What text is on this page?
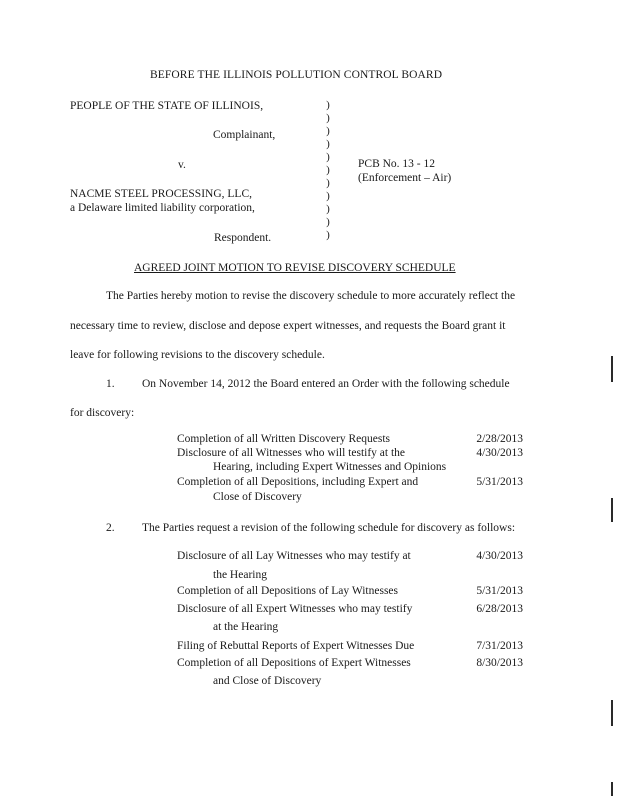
BEFORE THE ILLINOIS POLLUTION CONTROL BOARD
PEOPLE OF THE STATE OF ILLINOIS,
Complainant,
v.
NACME STEEL PROCESSING, LLC,
a Delaware limited liability corporation,
Respondent.
)
)
)
)
)
)
)
)
)
)
)
PCB No. 13 - 12
(Enforcement – Air)
AGREED JOINT MOTION TO REVISE DISCOVERY SCHEDULE
The Parties hereby motion to revise the discovery schedule to more accurately reflect the
necessary time to review, disclose and depose expert witnesses, and requests the Board grant it
leave for following revisions to the discovery schedule.
1. On November 14, 2012 the Board entered an Order with the following schedule
for discovery:
Completion of all Written Discovery Requests	2/28/2013
Disclosure of all Witnesses who will testify at the
Hearing, including Expert Witnesses and Opinions
4/30/2013
Completion of all Depositions, including Expert and
Close of Discovery
5/31/2013
2. The Parties request a revision of the following schedule for discovery as follows:
Disclosure of all Lay Witnesses who may testify at
the Hearing
4/30/2013
Completion of all Depositions of Lay Witnesses	5/31/2013
Disclosure of all Expert Witnesses who may testify
at the Hearing
6/28/2013
Filing of Rebuttal Reports of Expert Witnesses Due	7/31/2013
Completion of all Depositions of Expert Witnesses
and Close of Discovery
8/30/2013
